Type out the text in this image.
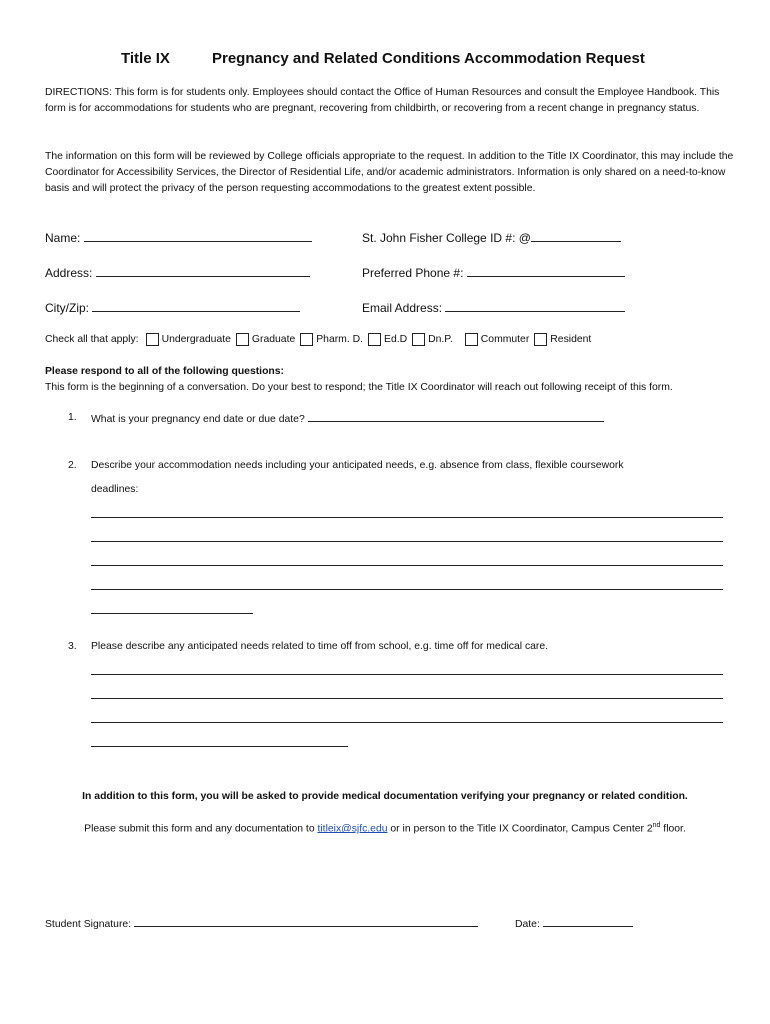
Title IX	Pregnancy and Related Conditions Accommodation Request
DIRECTIONS: This form is for students only. Employees should contact the Office of Human Resources and consult the Employee Handbook. This form is for accommodations for students who are pregnant, recovering from childbirth, or recovering from a recent change in pregnancy status.
The information on this form will be reviewed by College officials appropriate to the request. In addition to the Title IX Coordinator, this may include the Coordinator for Accessibility Services, the Director of Residential Life, and/or academic administrators. Information is only shared on a need-to-know basis and will protect the privacy of the person requesting accommodations to the greatest extent possible.
Name:	St. John Fisher College ID #: @
Address:	Preferred Phone #:
City/Zip:	Email Address:
Check all that apply: Undergraduate Graduate Pharm. D. Ed.D Dn.P.	Commuter Resident
Please respond to all of the following questions:
This form is the beginning of a conversation. Do your best to respond; the Title IX Coordinator will reach out following receipt of this form.
1. What is your pregnancy end date or due date?
2. Describe your accommodation needs including your anticipated needs, e.g. absence from class, flexible coursework
deadlines:
3. Please describe any anticipated needs related to time off from school, e.g. time off for medical care.
In addition to this form, you will be asked to provide medical documentation verifying your pregnancy or related condition.
Please submit this form and any documentation to titleix@sjfc.edu or in person to the Title IX Coordinator, Campus Center 2nd floor.
Student Signature:	Date:
